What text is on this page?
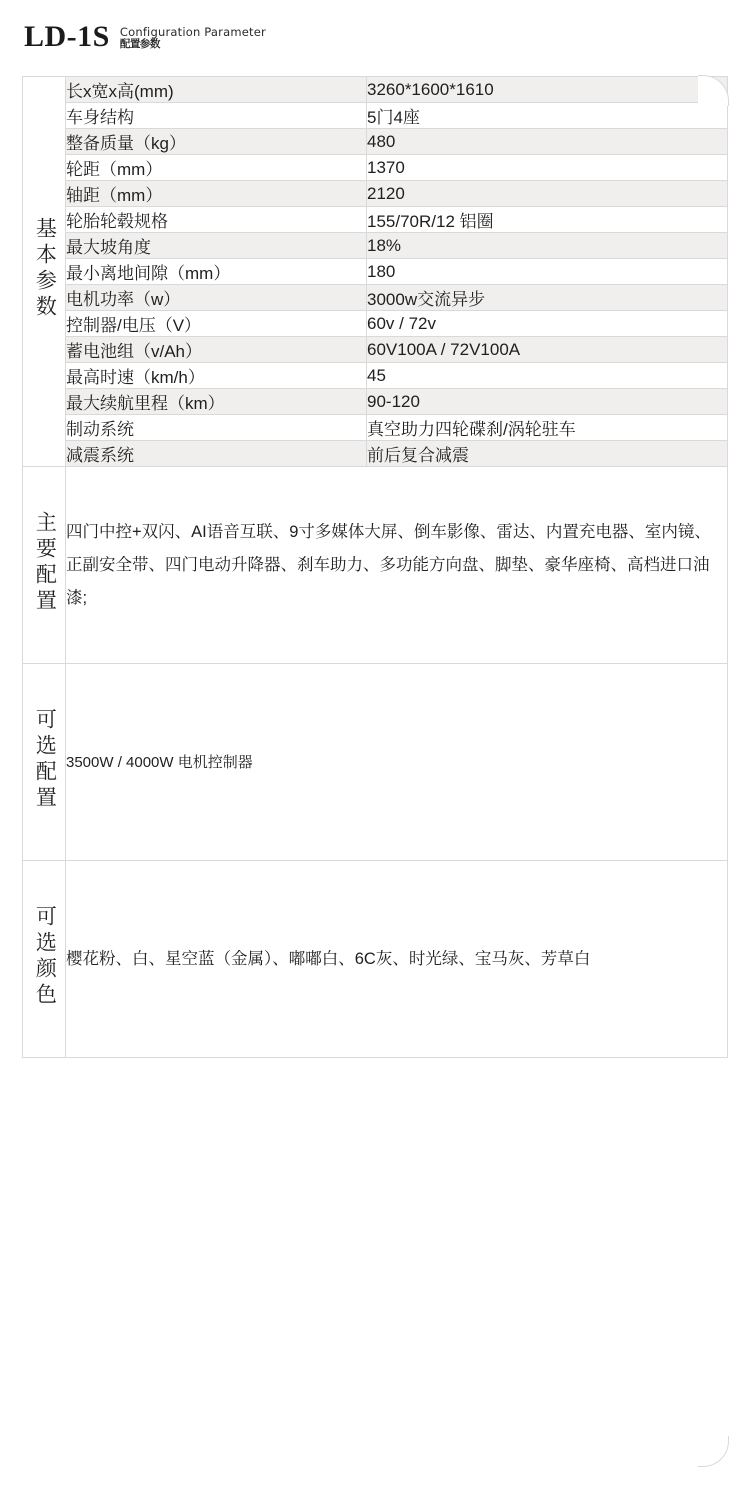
LD-1S Configuration Parameter
配置参数
基本参数	长x宽x高(mm)	3260*1600*1610
	车身结构	5门4座
	整备质量（kg）	480
	轮距（mm）	1370
	轴距（mm）	2120
	轮胎轮毂规格	155/70R/12 铝圈
	最大坡角度	18%
	最小离地间隙（mm）	180
	电机功率（w）	3000w交流异步
	控制器/电压（V）	60v / 72v
	蓄电池组（v/Ah）	60V100A / 72V100A
	最高时速（km/h）	45
	最大续航里程（km）	90-120
	制动系统	真空助力四轮碟刹/涡轮驻车
	减震系统	前后复合减震
主要配置	四门中控+双闪、AI语音互联、9寸多媒体大屏、倒车影像、雷达、内置充电器、室内镜、正副安全带、四门电动升降器、刹车助力、多功能方向盘、脚垫、豪华座椅、高档进口油漆;	
可选配置	3500W / 4000W 电机控制器	
可选颜色	樱花粉、白、星空蓝（金属）、嘟嘟白、6C灰、时光绿、宝马灰、芳草白	
